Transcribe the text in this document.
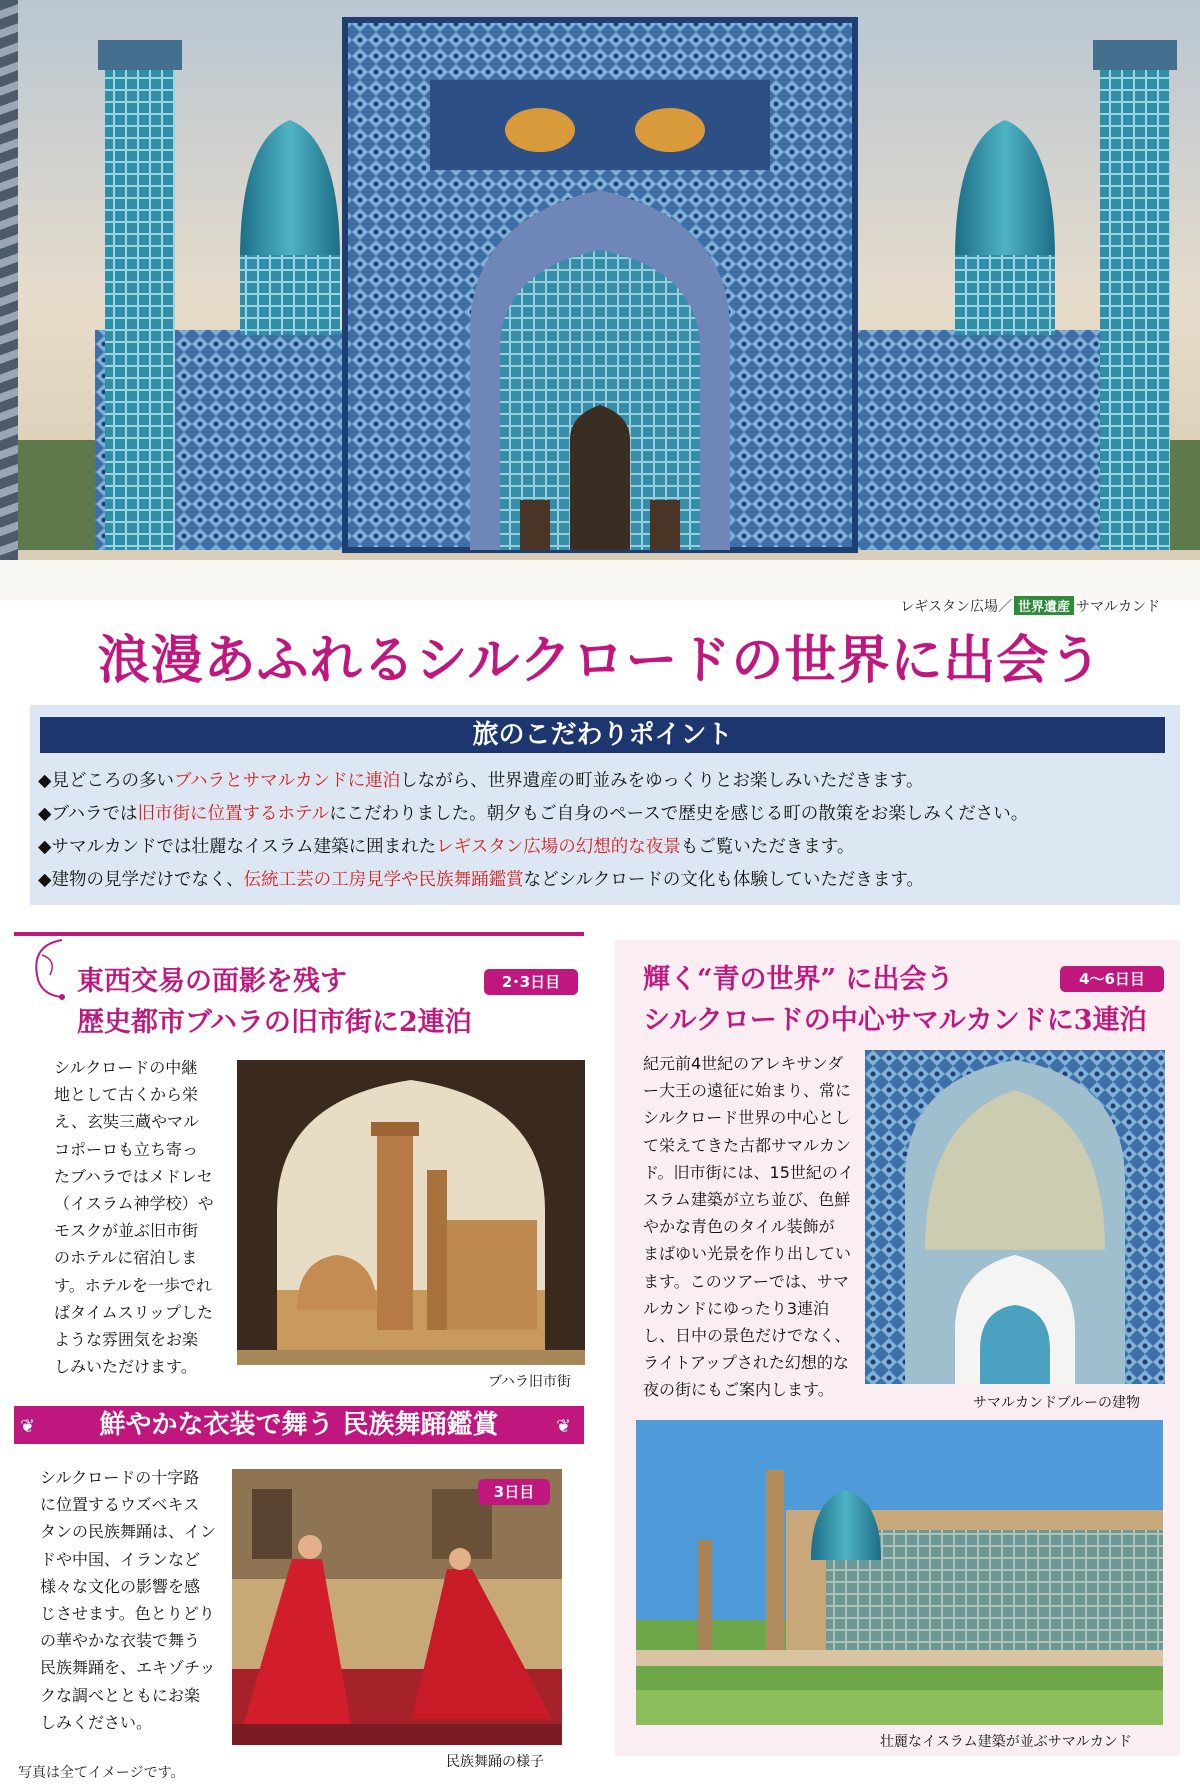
レギスタン広場／ 世界遺産 サマルカンド
浪漫あふれるシルクロードの世界に出会う
旅のこだわりポイント
◆見どころの多いブハラとサマルカンドに連泊しながら、世界遺産の町並みをゆっくりとお楽しみいただきます。
◆ブハラでは旧市街に位置するホテルにこだわりました。朝夕もご自身のペースで歴史を感じる町の散策をお楽しみください。
◆サマルカンドでは壮麗なイスラム建築に囲まれたレギスタン広場の幻想的な夜景もご覧いただきます。
◆建物の見学だけでなく、伝統工芸の工房見学や民族舞踊鑑賞などシルクロードの文化も体験していただきます。
東西交易の面影を残す
歴史都市ブハラの旧市街に2連泊
2･3日目
シルクロードの中継
地として古くから栄
え、玄奘三蔵やマル
コポーロも立ち寄っ
たブハラではメドレセ
（イスラム神学校）や
モスクが並ぶ旧市街
のホテルに宿泊しま
す。ホテルを一歩でれ
ばタイムスリップした
ような雰囲気をお楽
しみいただけます。
ブハラ旧市街
❦	❦
鮮やかな衣装で舞う 民族舞踊鑑賞
シルクロードの十字路
に位置するウズベキス
タンの民族舞踊は、イン
ドや中国、イランなど
様々な文化の影響を感
じさせます。色とりどり
の華やかな衣装で舞う
民族舞踊を、エキゾチッ
クな調べとともにお楽
しみください。
3日目
民族舞踊の様子
輝く“青の世界” に出会う
シルクロードの中心サマルカンドに3連泊
4〜6日目
紀元前4世紀のアレキサンダ
ー大王の遠征に始まり、常に
シルクロード世界の中心とし
て栄えてきた古都サマルカン
ド。旧市街には、15世紀のイ
スラム建築が立ち並び、色鮮
やかな青色のタイル装飾が
まばゆい光景を作り出してい
ます。このツアーでは、サマ
ルカンドにゆったり3連泊
し、日中の景色だけでなく、
ライトアップされた幻想的な
夜の街にもご案内します。
サマルカンドブルーの建物
壮麗なイスラム建築が並ぶサマルカンド
写真は全てイメージです。
